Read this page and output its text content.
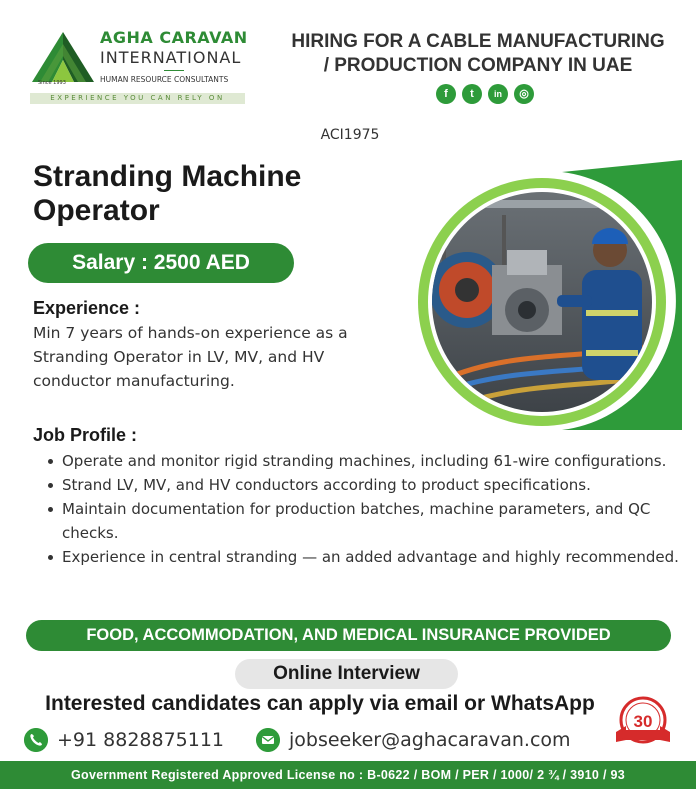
Since 1993
AGHA CARAVAN
INTERNATIONAL
HUMAN RESOURCE CONSULTANTS
EXPERIENCE YOU CAN RELY ON
HIRING FOR A CABLE MANUFACTURING
/ PRODUCTION COMPANY IN UAE
f	t	in	◎
ACI1975
Stranding Machine
Operator
Salary : 2500 AED
Experience :
Min 7 years of hands-on experience as a Stranding Operator in LV, MV, and HV conductor manufacturing.
Job Profile :
Operate and monitor rigid stranding machines, including 61-wire configurations.
Strand LV, MV, and HV conductors according to product specifications.
Maintain documentation for production batches, machine parameters, and QC checks.
Experience in central stranding — an added advantage and highly recommended.
FOOD, ACCOMMODATION, AND MEDICAL INSURANCE PROVIDED
Online Interview
Interested candidates can apply via email or WhatsApp
+91 8828875111	jobseeker@aghacaravan.com
30
Government Registered Approved License no : B-0622 / BOM / PER / 1000/ 2 ¾ / 3910 / 93
